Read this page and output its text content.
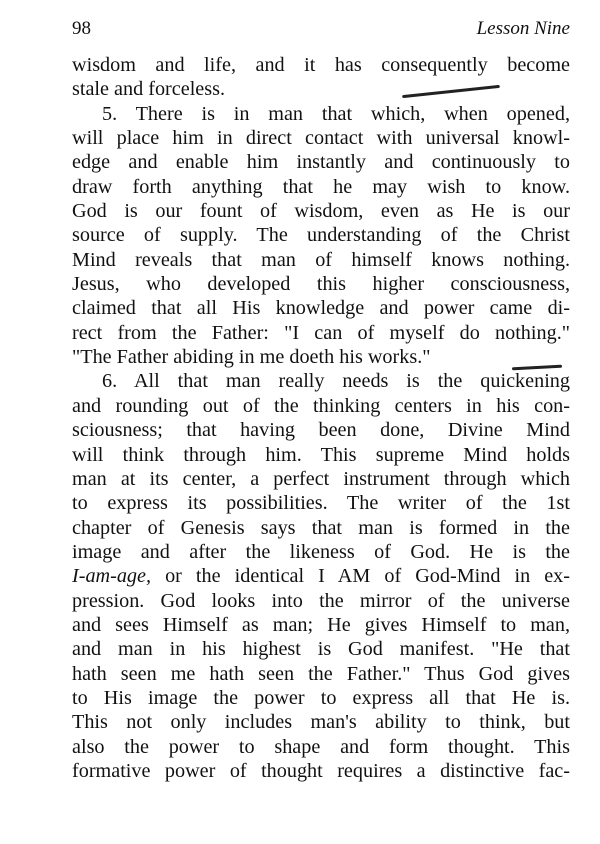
98	Lesson Nine
wisdom and life, and it has consequently become
stale and forceless.
5. There is in man that which, when opened,
will place him in direct contact with universal knowl-
edge and enable him instantly and continuously to
draw forth anything that he may wish to know.
God is our fount of wisdom, even as He is our
source of supply. The understanding of the Christ
Mind reveals that man of himself knows nothing.
Jesus, who developed this higher consciousness,
claimed that all His knowledge and power came di-
rect from the Father: "I can of myself do nothing."
"The Father abiding in me doeth his works."
6. All that man really needs is the quickening
and rounding out of the thinking centers in his con-
sciousness; that having been done, Divine Mind
will think through him. This supreme Mind holds
man at its center, a perfect instrument through which
to express its possibilities. The writer of the 1st
chapter of Genesis says that man is formed in the
image and after the likeness of God. He is the
I-am-age, or the identical I AM of God-Mind in ex-
pression. God looks into the mirror of the universe
and sees Himself as man; He gives Himself to man,
and man in his highest is God manifest. "He that
hath seen me hath seen the Father." Thus God gives
to His image the power to express all that He is.
This not only includes man's ability to think, but
also the power to shape and form thought. This
formative power of thought requires a distinctive fac-
